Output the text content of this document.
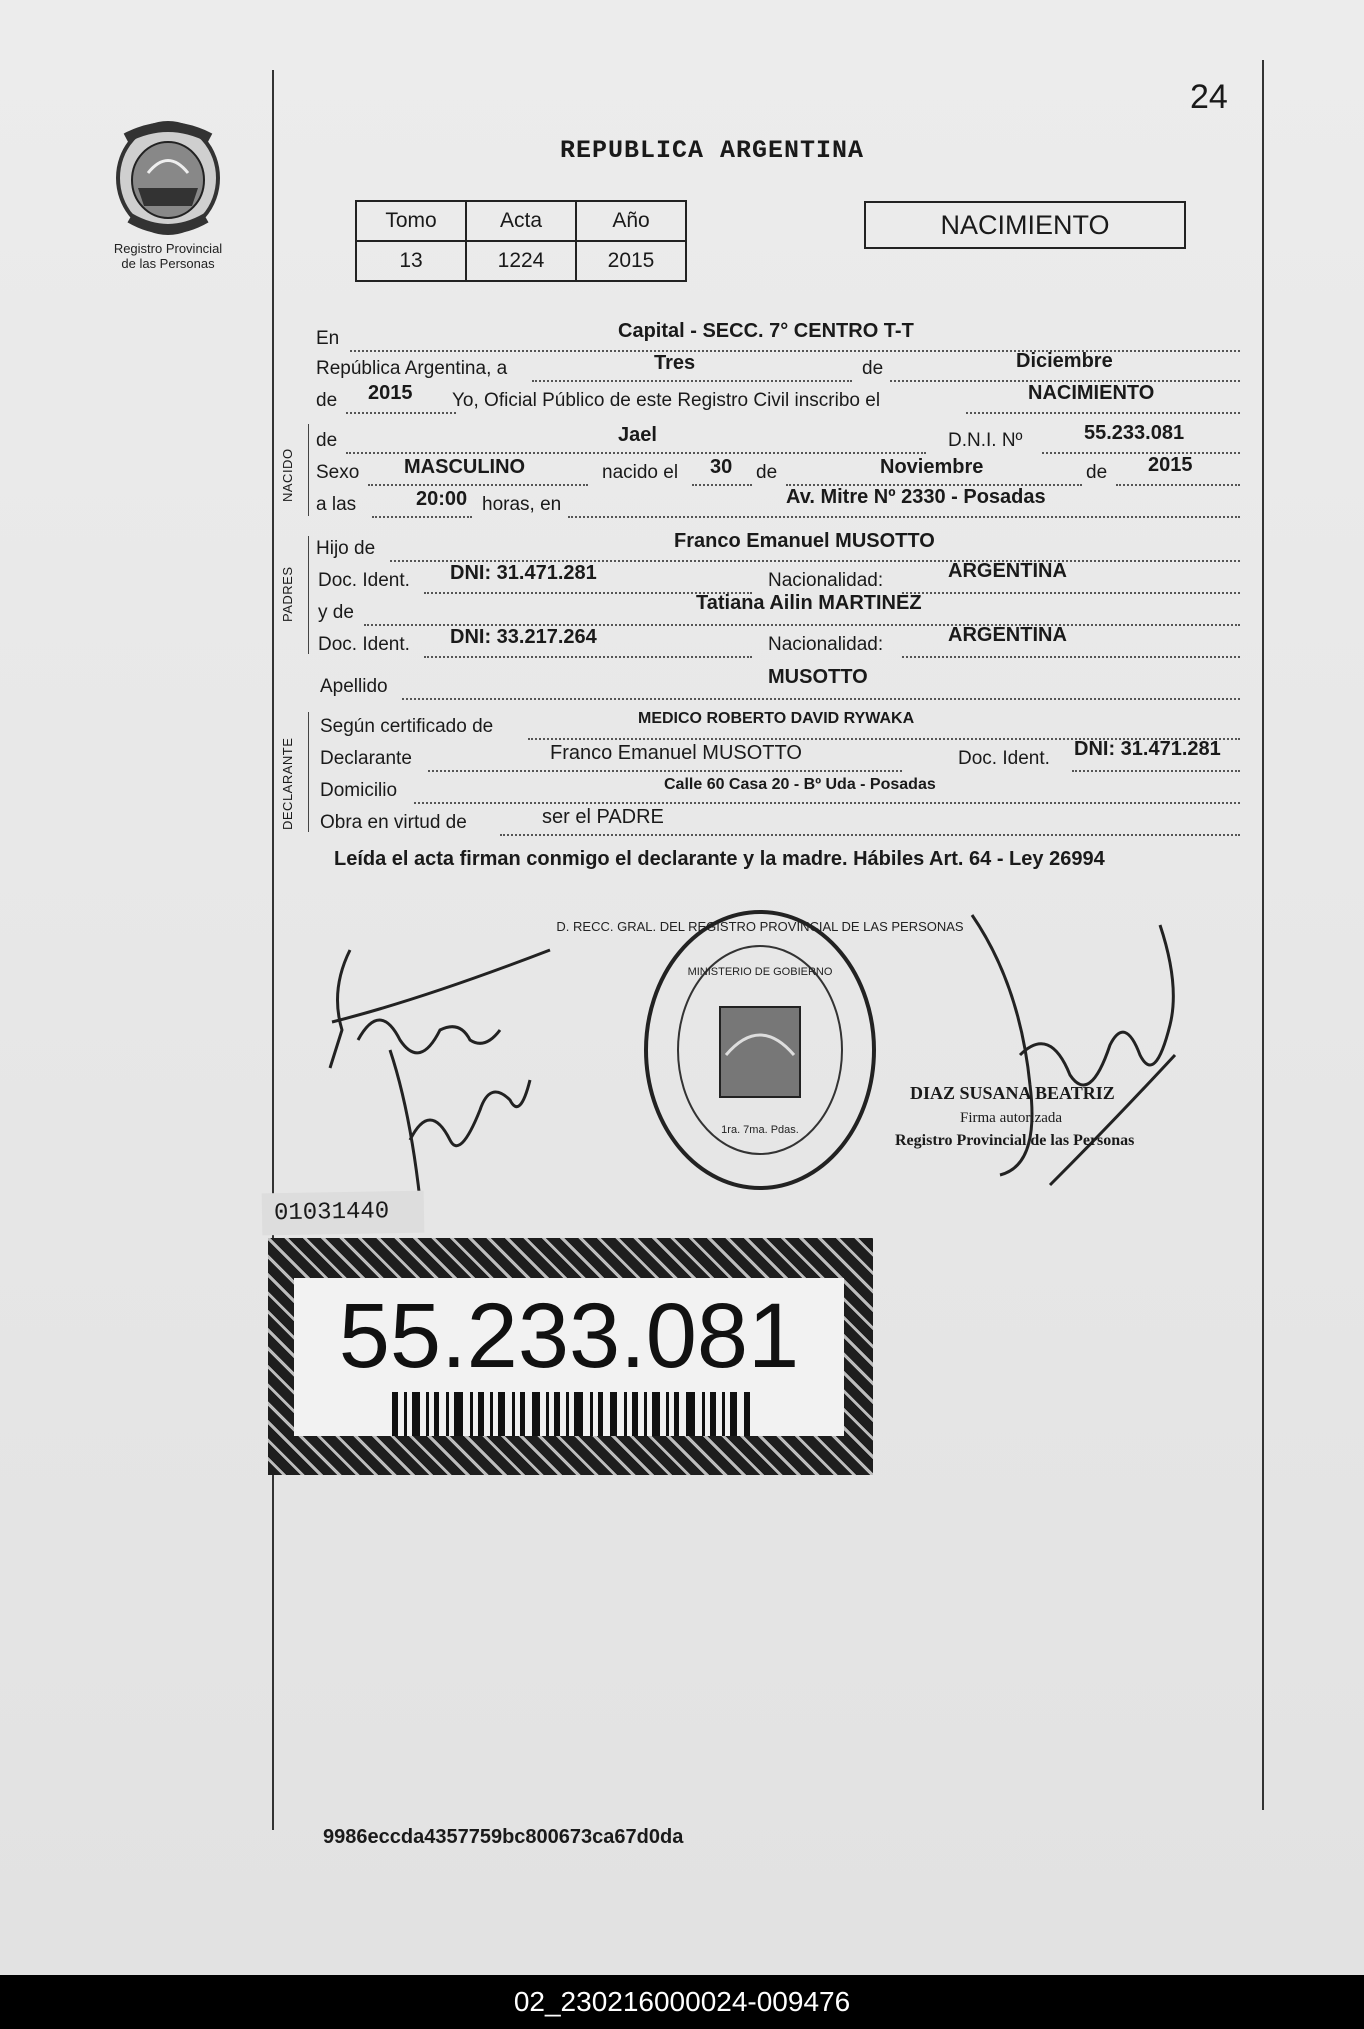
24
Registro Provincial
de las Personas
REPUBLICA ARGENTINA
Tomo	Acta	Año
13	1224	2015
NACIMIENTO
En	Capital - SECC. 7° CENTRO T-T
República Argentina, a	Tres	de	Diciembre
de 2015 Yo, Oficial Público de este Registro Civil inscribo el	NACIMIENTO
NACIDO
de	Jael	D.N.I. Nº	55.233.081
Sexo MASCULINO	nacido el 30 de	Noviembre	de 2015
a las	20:00 horas, en	Av. Mitre Nº 2330 - Posadas
PADRES
Hijo de	Franco Emanuel MUSOTTO
Doc. Ident. DNI: 31.471.281	Nacionalidad:	ARGENTINA
y de	Tatiana Ailin MARTINEZ
Doc. Ident. DNI: 33.217.264	Nacionalidad:	ARGENTINA
Apellido	MUSOTTO
DECLARANTE
Según certificado de	MEDICO ROBERTO DAVID RYWAKA
Declarante	Franco Emanuel MUSOTTO	Doc. Ident. DNI: 31.471.281
Domicilio	Calle 60 Casa 20 - Bº Uda - Posadas
Obra en virtud de	ser el PADRE
Leída el acta firman conmigo el declarante y la madre. Hábiles Art. 64 - Ley 26994
D. RECC. GRAL. DEL REGISTRO PROVINCIAL DE LAS PERSONAS
MINISTERIO DE GOBIERNO
1ra. 7ma. Pdas.
DIAZ SUSANA BEATRIZ
Firma autorizada
Registro Provincial de las Personas
01031440
55.233.081
9986eccda4357759bc800673ca67d0da
02_230216000024-009476
